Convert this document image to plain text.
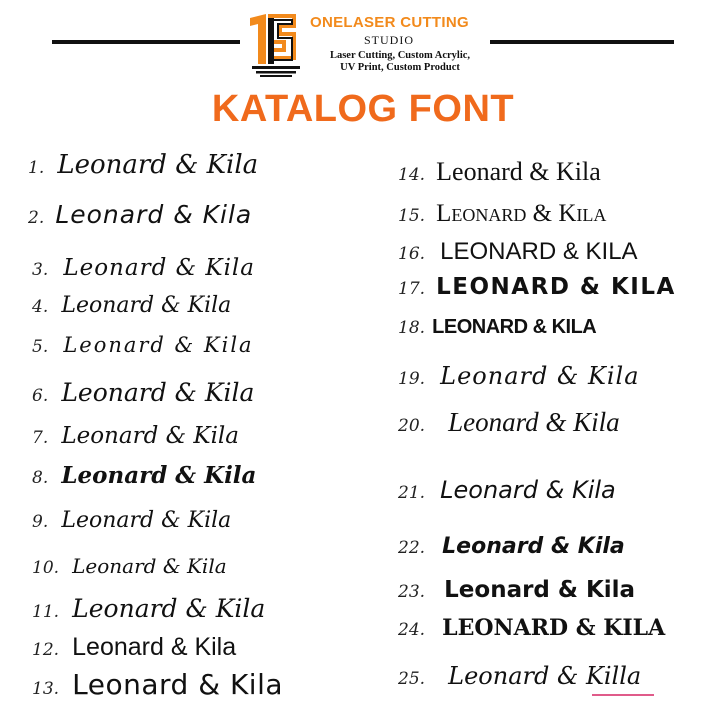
ONELASER CUTTING
STUDIO
Laser Cutting, Custom Acrylic,
UV Print, Custom Product
KATALOG FONT
1. Leonard & Kila
2. Leonard & Kila
3. Leonard & Kila
4. Leonard & Kila
5. Leonard & Kila
6. Leonard & Kila
7. Leonard & Kila
8. Leonard & Kila
9. Leonard & Kila
10. Leonard & Kila
11. Leonard & Kila
12. Leonard & Kila
13. Leonard & Kila
14. Leonard & Kila
15. Leonard & Kila
16. LEONARD & KILA
17. LEONARD & KILA
18. LEONARD & KILA
19. Leonard & Kila
20. Leonard & Kila
21. Leonard & Kila
22. Leonard & Kila
23. Leonard & Kila
24. LEONARD & KILA
25. Leonard & Killa
